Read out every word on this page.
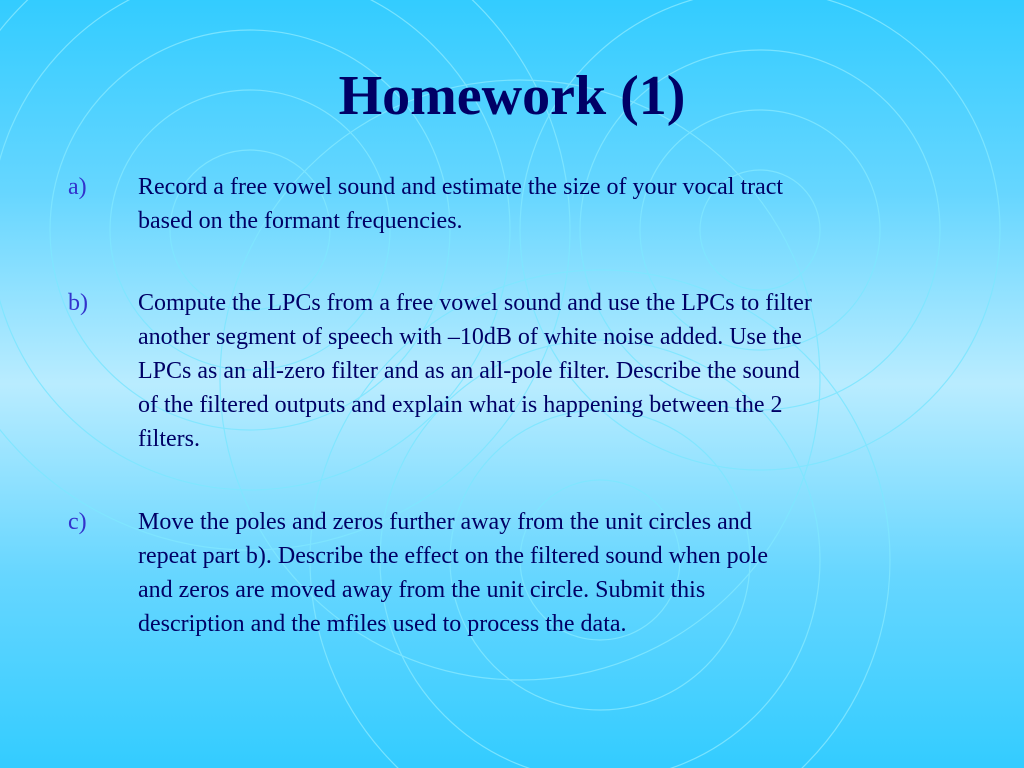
Homework (1)
a) Record a free vowel sound and estimate the size of your vocal tract
based on the formant frequencies.
b) Compute the LPCs from a free vowel sound and use the LPCs to filter
another segment of speech with –10dB of white noise added. Use the
LPCs as an all-zero filter and as an all-pole filter. Describe the sound
of the filtered outputs and explain what is happening between the 2
filters.
c) Move the poles and zeros further away from the unit circles and
repeat part b). Describe the effect on the filtered sound when pole
and zeros are moved away from the unit circle. Submit this
description and the mfiles used to process the data.
